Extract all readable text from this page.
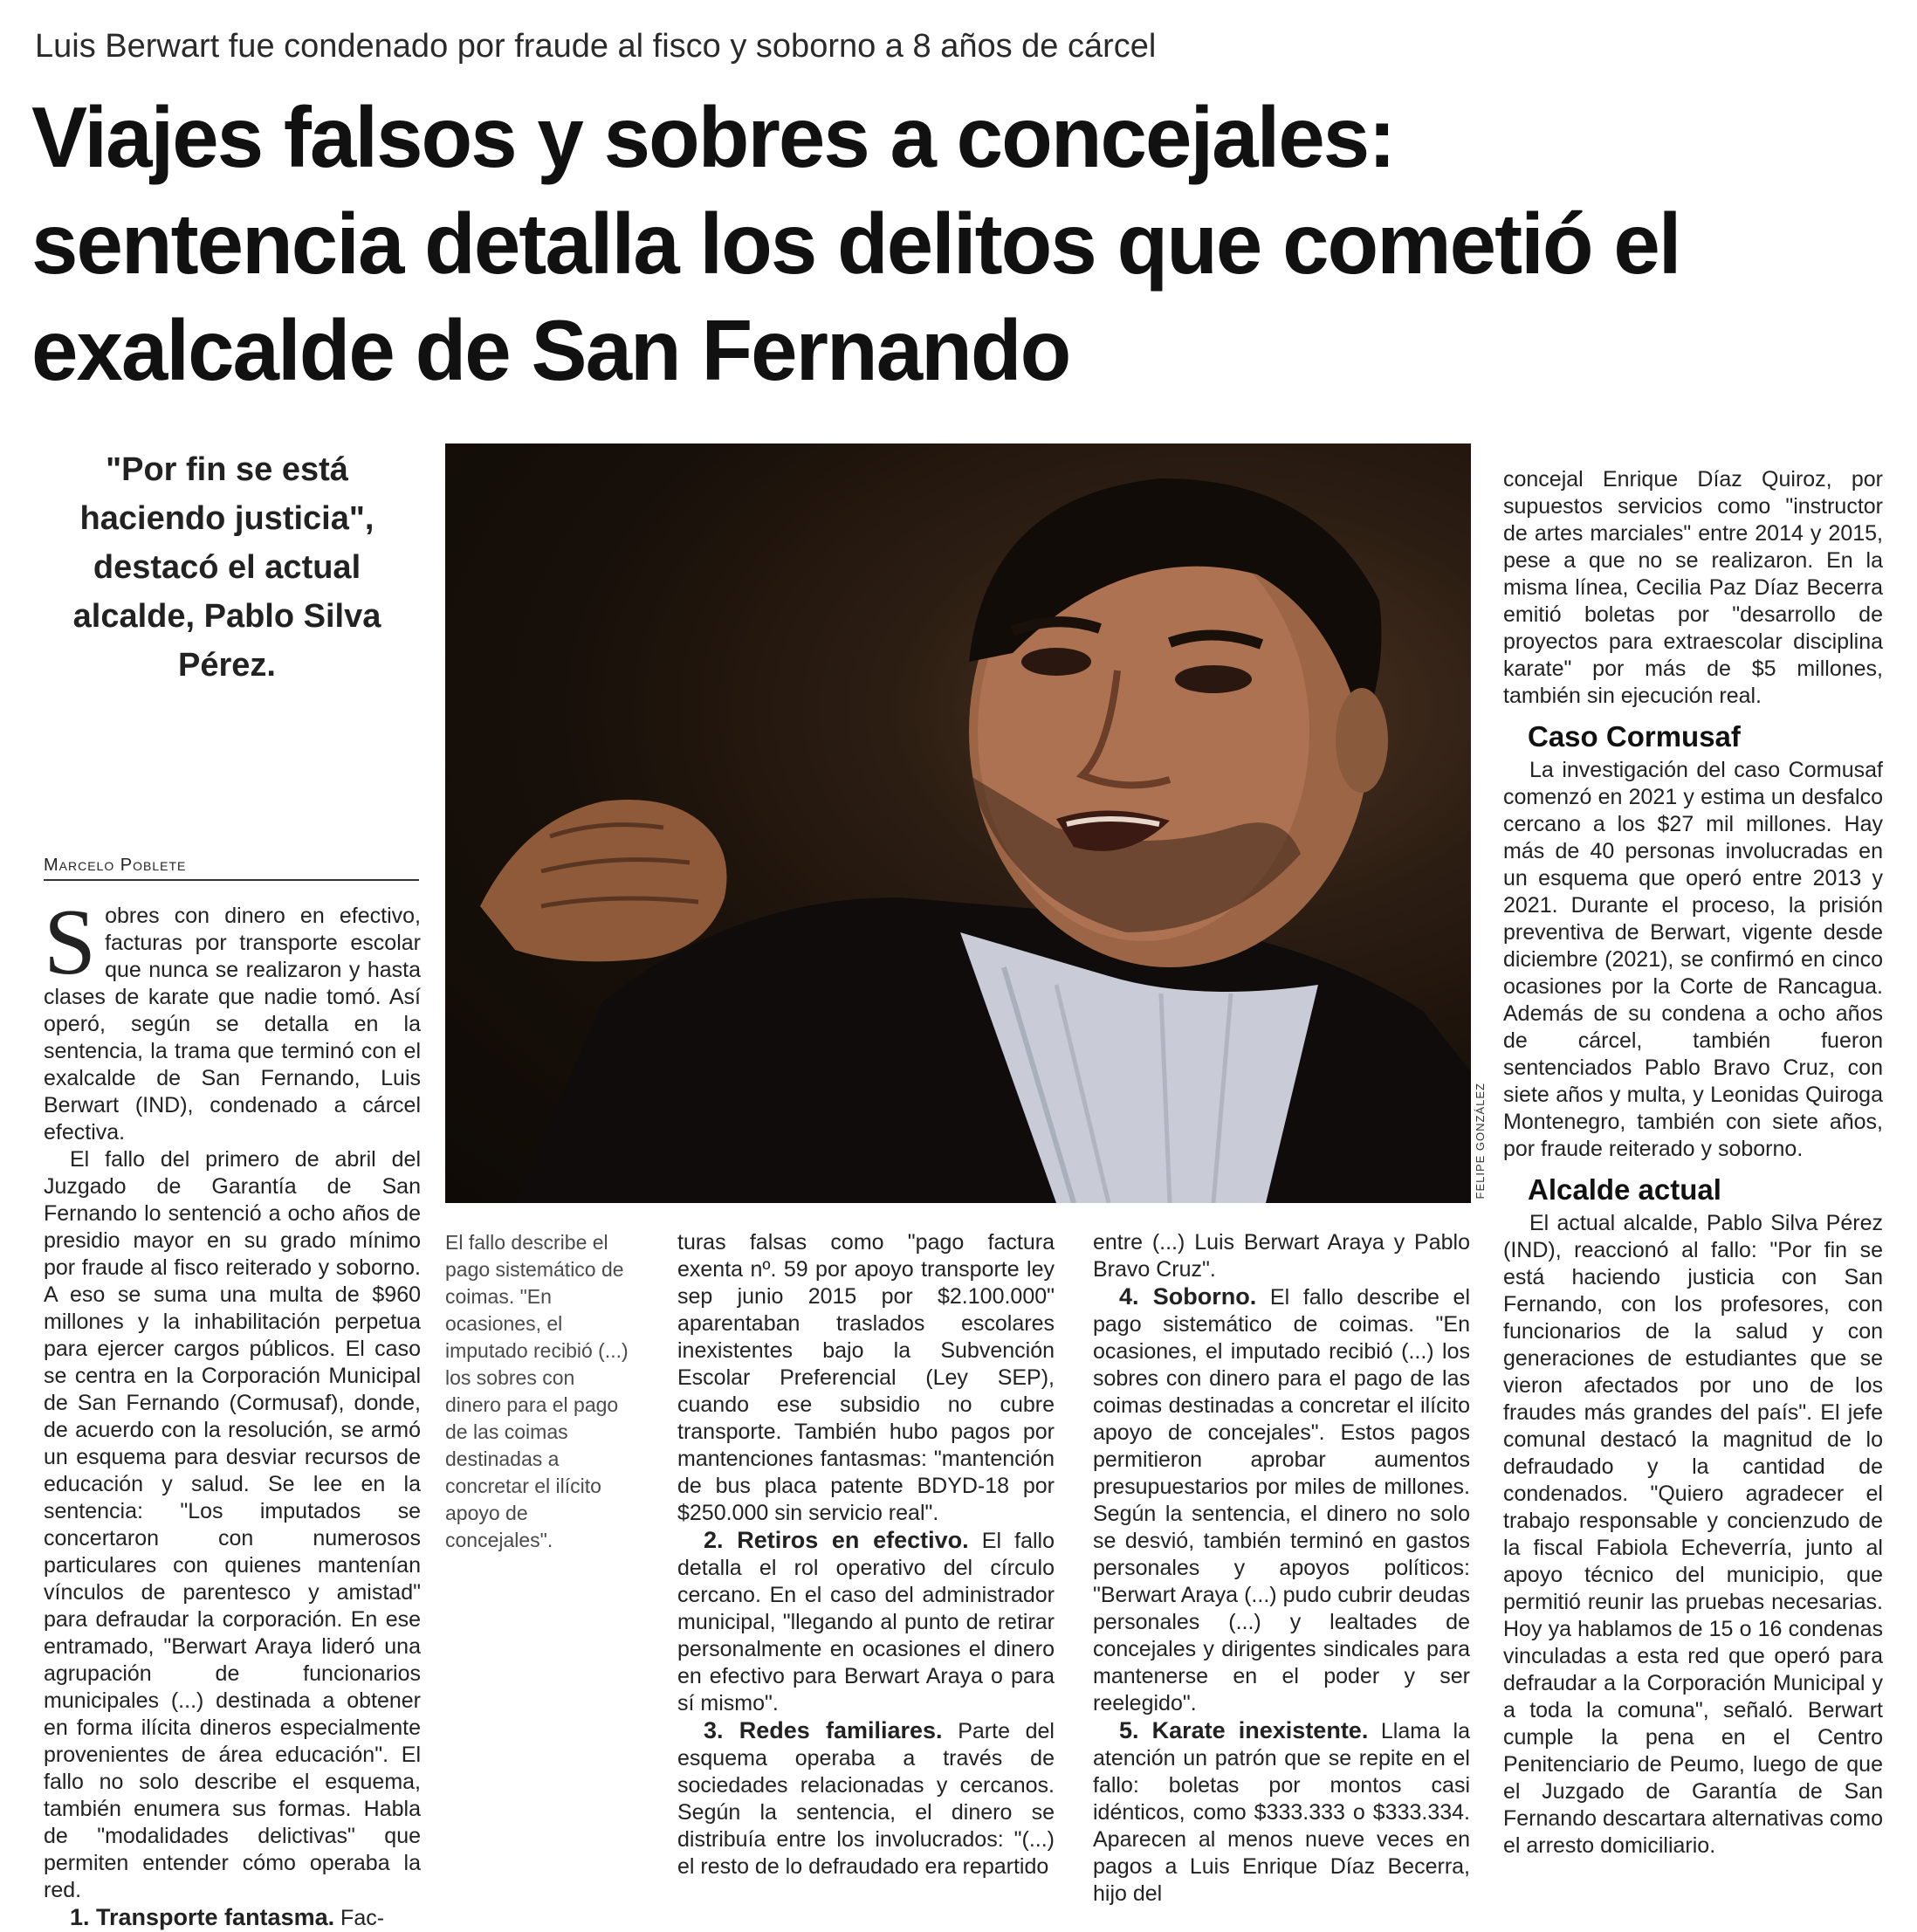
Luis Berwart fue condenado por fraude al fisco y soborno a 8 años de cárcel
Viajes falsos y sobres a concejales:
sentencia detalla los delitos que cometió el
exalcalde de San Fernando
"Por fin se está haciendo justicia", destacó el actual alcalde, Pablo Silva Pérez.
FELIPE GONZÁLEZ
Marcelo Poblete

Sobres con dinero en efectivo, facturas por transporte escolar que nunca se realizaron y hasta clases de karate que nadie tomó. Así operó, según se detalla en la sentencia, la trama que terminó con el exalcalde de San Fernando, Luis Berwart (IND), condenado a cárcel efectiva.

El fallo del primero de abril del Juzgado de Garantía de San Fernando lo sentenció a ocho años de presidio mayor en su grado mínimo por fraude al fisco reiterado y soborno. A eso se suma una multa de $960 millones y la inhabilitación perpetua para ejercer cargos públicos. El caso se centra en la Corporación Municipal de San Fernando (Cormusaf), donde, de acuerdo con la resolución, se armó un esquema para desviar recursos de educación y salud. Se lee en la sentencia: "Los imputados se concertaron con numerosos particulares con quienes mantenían vínculos de parentesco y amistad" para defraudar la corporación. En ese entramado, "Berwart Araya lideró una agrupación de funcionarios municipales (...) destinada a obtener en forma ilícita dineros especialmente provenientes de área educación". El fallo no solo describe el esquema, también enumera sus formas. Habla de "modalidades delictivas" que permiten entender cómo operaba la red.

1. Transporte fantasma. Fac-

El fallo describe el pago sistemático de coimas. "En ocasiones, el imputado recibió (...) los sobres con dinero para el pago de las coimas destinadas a concretar el ilícito apoyo de concejales".

turas falsas como "pago factura exenta nº. 59 por apoyo transporte ley sep junio 2015 por $2.100.000" aparentaban traslados escolares inexistentes bajo la Subvención Escolar Preferencial (Ley SEP), cuando ese subsidio no cubre transporte. También hubo pagos por mantenciones fantasmas: "mantención de bus placa patente BDYD-18 por $250.000 sin servicio real".

2. Retiros en efectivo. El fallo detalla el rol operativo del círculo cercano. En el caso del administrador municipal, "llegando al punto de retirar personalmente en ocasiones el dinero en efectivo para Berwart Araya o para sí mismo".

3. Redes familiares. Parte del esquema operaba a través de sociedades relacionadas y cercanos. Según la sentencia, el dinero se distribuía entre los involucrados: "(...) el resto de lo defraudado era repartido

entre (...) Luis Berwart Araya y Pablo Bravo Cruz".

4. Soborno. El fallo describe el pago sistemático de coimas. "En ocasiones, el imputado recibió (...) los sobres con dinero para el pago de las coimas destinadas a concretar el ilícito apoyo de concejales". Estos pagos permitieron aprobar aumentos presupuestarios por miles de millones. Según la sentencia, el dinero no solo se desvió, también terminó en gastos personales y apoyos políticos: "Berwart Araya (...) pudo cubrir deudas personales (...) y lealtades de concejales y dirigentes sindicales para mantenerse en el poder y ser reelegido".

5. Karate inexistente. Llama la atención un patrón que se repite en el fallo: boletas por montos casi idénticos, como $333.333 o $333.334. Aparecen al menos nueve veces en pagos a Luis Enrique Díaz Becerra, hijo del

concejal Enrique Díaz Quiroz, por supuestos servicios como "instructor de artes marciales" entre 2014 y 2015, pese a que no se realizaron. En la misma línea, Cecilia Paz Díaz Becerra emitió boletas por "desarrollo de proyectos para extraescolar disciplina karate" por más de $5 millones, también sin ejecución real.

Caso Cormusaf

La investigación del caso Cormusaf comenzó en 2021 y estima un desfalco cercano a los $27 mil millones. Hay más de 40 personas involucradas en un esquema que operó entre 2013 y 2021. Durante el proceso, la prisión preventiva de Berwart, vigente desde diciembre (2021), se confirmó en cinco ocasiones por la Corte de Rancagua. Además de su condena a ocho años de cárcel, también fueron sentenciados Pablo Bravo Cruz, con siete años y multa, y Leonidas Quiroga Montenegro, también con siete años, por fraude reiterado y soborno.

Alcalde actual

El actual alcalde, Pablo Silva Pérez (IND), reaccionó al fallo: "Por fin se está haciendo justicia con San Fernando, con los profesores, con funcionarios de la salud y con generaciones de estudiantes que se vieron afectados por uno de los fraudes más grandes del país". El jefe comunal destacó la magnitud de lo defraudado y la cantidad de condenados. "Quiero agradecer el trabajo responsable y concienzudo de la fiscal Fabiola Echeverría, junto al apoyo técnico del municipio, que permitió reunir las pruebas necesarias. Hoy ya hablamos de 15 o 16 condenas vinculadas a esta red que operó para defraudar a la Corporación Municipal y a toda la comuna", señaló. Berwart cumple la pena en el Centro Penitenciario de Peumo, luego de que el Juzgado de Garantía de San Fernando descartara alternativas como el arresto domiciliario.
